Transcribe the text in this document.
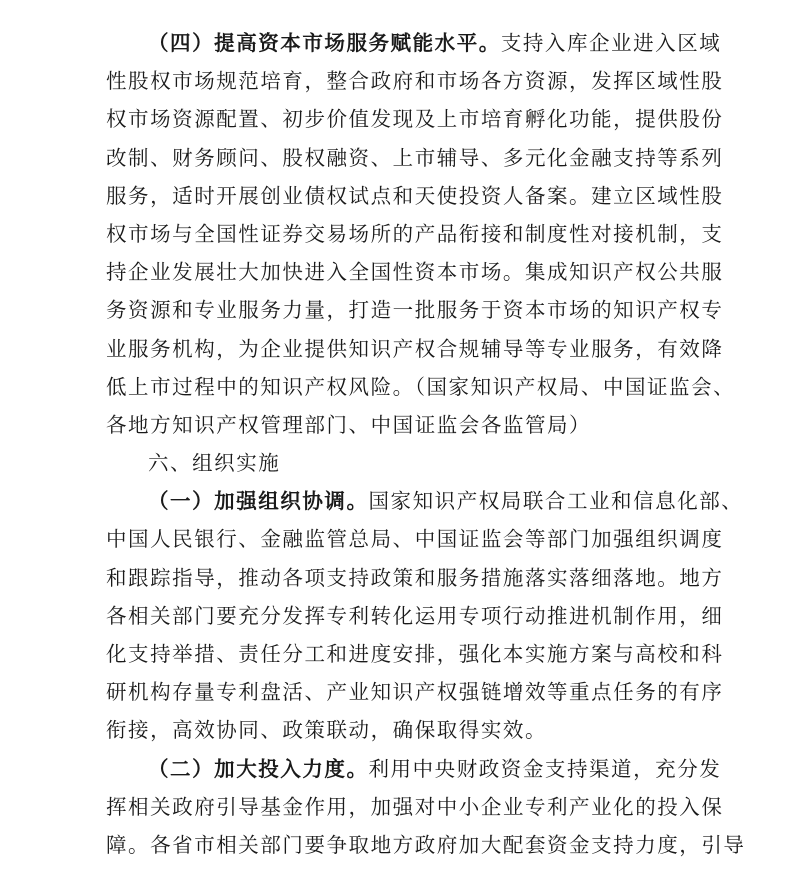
（四）提高资本市场服务赋能水平。支持入库企业进入区域
性股权市场规范培育，整合政府和市场各方资源，发挥区域性股
权市场资源配置、初步价值发现及上市培育孵化功能，提供股份
改制、财务顾问、股权融资、上市辅导、多元化金融支持等系列
服务，适时开展创业债权试点和天使投资人备案。建立区域性股
权市场与全国性证券交易场所的产品衔接和制度性对接机制，支
持企业发展壮大加快进入全国性资本市场。集成知识产权公共服
务资源和专业服务力量，打造一批服务于资本市场的知识产权专
业服务机构，为企业提供知识产权合规辅导等专业服务，有效降
低上市过程中的知识产权风险。（国家知识产权局、中国证监会、
各地方知识产权管理部门、中国证监会各监管局）
六、组织实施
（一）加强组织协调。国家知识产权局联合工业和信息化部、
中国人民银行、金融监管总局、中国证监会等部门加强组织调度
和跟踪指导，推动各项支持政策和服务措施落实落细落地。地方
各相关部门要充分发挥专利转化运用专项行动推进机制作用，细
化支持举措、责任分工和进度安排，强化本实施方案与高校和科
研机构存量专利盘活、产业知识产权强链增效等重点任务的有序
衔接，高效协同、政策联动，确保取得实效。
（二）加大投入力度。利用中央财政资金支持渠道，充分发
挥相关政府引导基金作用，加强对中小企业专利产业化的投入保
障。各省市相关部门要争取地方政府加大配套资金支持力度，引导
